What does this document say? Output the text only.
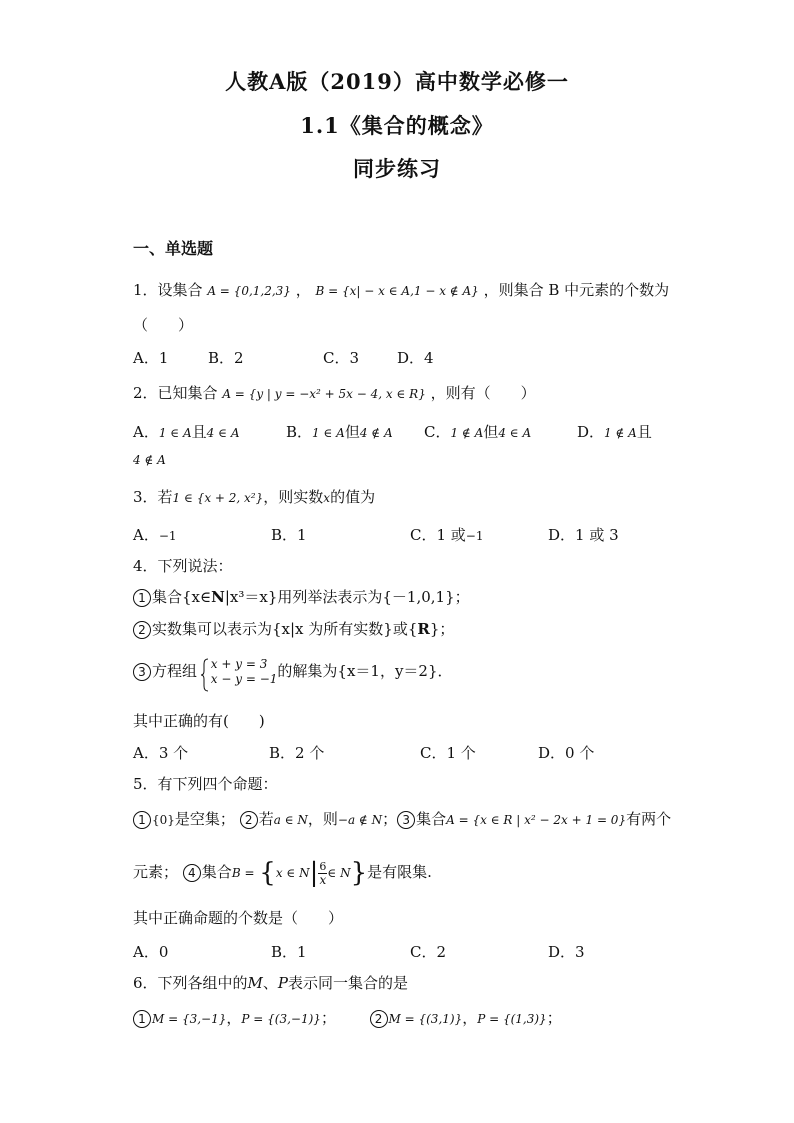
人教A版（2019）高中数学必修一
1.1《集合的概念》
同步练习
一、单选题
1．设集合 A = {0,1,2,3} ， B = {x| − x ∈ A,1 − x ∉ A} ，则集合 B 中元素的个数为
（　　）
A．1	B．2	C．3	D．4
2．已知集合 A = {y | y = −x² + 5x − 4, x ∈ R} ，则有（　　）
A．1 ∈ A且4 ∈ A	B．1 ∈ A但4 ∉ A C．1 ∉ A但4 ∈ A	D．1 ∉ A且
4 ∉ A
3．若1 ∈ {x + 2, x²}，则实数x的值为
A．−1	B．1	C．1 或−1	D．1 或 3
4．下列说法：
1 集合{x∈N|x³＝x}用列举法表示为{－1,0,1}；
2 实数集可以表示为{x|x 为所有实数}或{R}；
3 方程组	x + y = 3
x − y = −1 的解集为{x＝1，y＝2}．
其中正确的有(　　)
A．3 个	B．2 个	C．1 个	D．0 个
5．有下列四个命题：
1 {0}是空集； 2 若a ∈ N，则−a ∉ N； 3 集合A = {x ∈ R | x² − 2x + 1 = 0}有两个
元素； 4 集合B = {x ∈ $N| \frac{6}{x}$ ∈ N}是有限集.
其中正确命题的个数是（　　）
A．0	B．1	C．2	D．3
6．下列各组中的M、P表示同一集合的是
1 M = {3,−1}，P = {(3,−1)}；	2 M = {(3,1)}，P = {(1,3)}；
